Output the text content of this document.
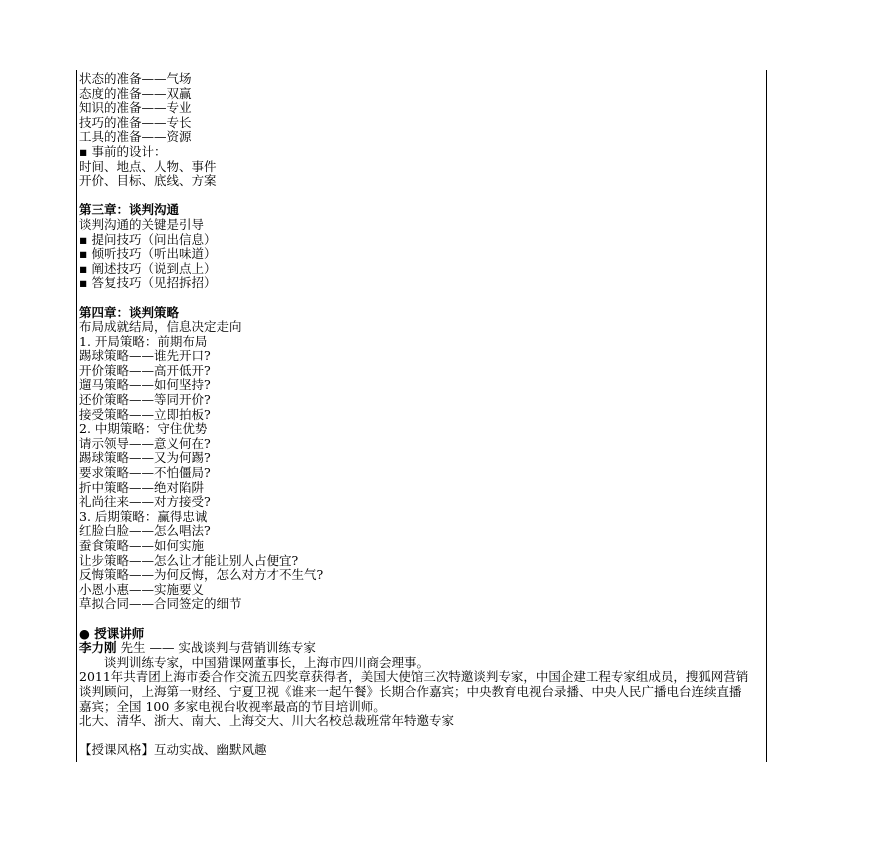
状态的准备——气场
态度的准备——双赢
知识的准备——专业
技巧的准备——专长
工具的准备——资源
▪ 事前的设计：
时间、地点、人物、事件
开价、目标、底线、方案
第三章：谈判沟通
谈判沟通的关键是引导
▪ 提问技巧（问出信息）
▪ 倾听技巧（听出味道）
▪ 阐述技巧（说到点上）
▪ 答复技巧（见招拆招）
第四章：谈判策略
布局成就结局，信息决定走向
1. 开局策略：前期布局
踢球策略——谁先开口?
开价策略——高开低开?
遛马策略——如何坚持?
还价策略——等同开价?
接受策略——立即拍板?
2. 中期策略：守住优势
请示领导——意义何在?
踢球策略——又为何踢?
要求策略——不怕僵局?
折中策略——绝对陷阱
礼尚往来——对方接受?
3. 后期策略：赢得忠诚
红脸白脸——怎么唱法?
蚕食策略——如何实施
让步策略——怎么让才能让别人占便宜?
反悔策略——为何反悔，怎么对方才不生气?
小恩小惠——实施要义
草拟合同——合同签定的细节
● 授课讲师
李力刚 先生 —— 实战谈判与营销训练专家
谈判训练专家，中国猎课网董事长，上海市四川商会理事。
2011年共青团上海市委合作交流五四奖章获得者，美国大使馆三次特邀谈判专家，中国企建工程专家组成员，搜狐网营销谈判顾问，上海第一财经、宁夏卫视《谁来一起午餐》长期合作嘉宾；中央教育电视台录播、中央人民广播电台连续直播嘉宾；全国 100 多家电视台收视率最高的节目培训师。
北大、清华、浙大、南大、上海交大、川大名校总裁班常年特邀专家
【授课风格】互动实战、幽默风趣
